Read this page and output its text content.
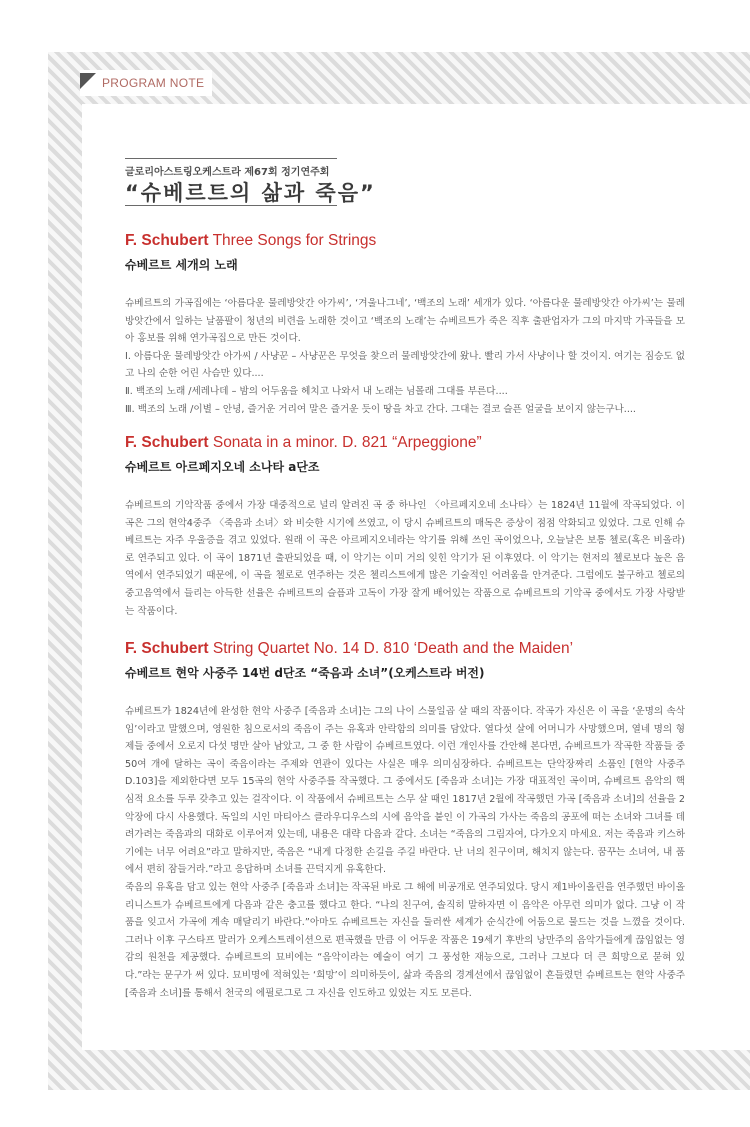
PROGRAM NOTE
글로리아스트링오케스트라 제67회 정기연주회
“슈베르트의 삶과 죽음”
F. Schubert Three Songs for Strings
슈베르트 세개의 노래

슈베르트의 가곡집에는 ‘아름다운 물레방앗간 아가씨’, ‘겨울나그네’, ‘백조의 노래’ 세개가 있다. ‘아름다운 물레방앗간 아가씨’는 물레방앗간에서 일하는 날품팔이 청년의 비련을 노래한 것이고 ‘백조의 노래’는 슈베르트가 죽은 직후 출판업자가 그의 마지막 가곡들을 모아 홍보를 위해 연가곡집으로 만든 것이다.

Ⅰ. 아름다운 물레방앗간 아가씨 / 사냥꾼 – 사냥꾼은 무엇을 찾으러 물레방앗간에 왔나. 빨리 가서 사냥이나 할 것이지. 여기는 짐승도 없고 나의 순한 어린 사슴만 있다....

Ⅱ. 백조의 노래 /세레나데 – 밤의 어두움을 헤치고 나와서 내 노래는 님몰래 그대를 부른다....
Ⅲ. 백조의 노래 /이별 – 안녕, 즐거운 거리여 말은 즐거운 듯이 땅을 차고 간다. 그대는 결코 슬픈 얼굴을 보이지 않는구나....
F. Schubert Sonata in a minor. D. 821 “Arpeggione”
슈베르트 아르페지오네 소나타 a단조

슈베르트의 기악작품 중에서 가장 대중적으로 널리 알려진 곡 중 하나인 〈아르페지오네 소나타〉는 1824년 11월에 작곡되었다. 이 곡은 그의 현악4중주 〈죽음과 소녀〉와 비슷한 시기에 쓰였고, 이 당시 슈베르트의 매독은 증상이 점점 악화되고 있었다. 그로 인해 슈베르트는 자주 우울증을 겪고 있었다. 원래 이 곡은 아르페지오네라는 악기를 위해 쓰인 곡이었으나, 오늘날은 보통 첼로(혹은 비올라)로 연주되고 있다. 이 곡이 1871년 출판되었을 때, 이 악기는 이미 거의 잊힌 악기가 된 이후였다. 이 악기는 현저의 첼로보다 높은 음역에서 연주되었기 때문에, 이 곡을 첼로로 연주하는 것은 첼리스트에게 많은 기술적인 어려움을 안겨준다. 그럼에도 불구하고 첼로의 중고음역에서 들리는 아득한 선율은 슈베르트의 슬픔과 고독이 가장 잘게 배어있는 작품으로 슈베르트의 기악곡 중에서도 가장 사랑받는 작품이다.

F. Schubert String Quartet No. 14 D. 810 ‘Death and the Maiden’
슈베르트 현악 사중주 14번 d단조 “죽음과 소녀”(오케스트라 버전)

슈베르트가 1824년에 완성한 현악 사중주 [죽음과 소녀]는 그의 나이 스물일곱 살 때의 작품이다. 작곡가 자신은 이 곡을 ‘운명의 속삭임’이라고 말했으며, 영원한 침으로서의 죽음이 주는 유혹과 안락함의 의미를 담았다. 열다섯 살에 어머니가 사망했으며, 열네 명의 형제들 중에서 오로지 다섯 명만 살아 남았고, 그 중 한 사람이 슈베르트였다. 이런 개인사를 간안해 본다면, 슈베르트가 작곡한 작품들 중 50여 개에 달하는 곡이 죽음이라는 주제와 연관이 있다는 사실은 매우 의미심장하다. 슈베르트는 단악장짜리 소품인 [현악 사중주 D.103]을 제외한다면 모두 15곡의 현악 사중주를 작곡했다. 그 중에서도 [죽음과 소녀]는 가장 대표적인 곡이며, 슈베르트 음악의 핵심적 요소를 두루 갖추고 있는 걸작이다. 이 작품에서 슈베르트는 스무 살 때인 1817년 2월에 작곡했던 가곡 [죽음과 소녀]의 선율을 2악장에 다시 사용했다. 독일의 시인 마티아스 클라우디우스의 시에 음악을 붙인 이 가곡의 가사는 죽음의 공포에 떠는 소녀와 그녀를 데려가려는 죽음과의 대화로 이루어져 있는데, 내용은 대략 다음과 같다. 소녀는 “죽음의 그림자여, 다가오지 마세요. 저는 죽음과 키스하기에는 너무 어려요”라고 말하지만, 죽음은 “내게 다정한 손길을 주길 바란다. 난 너의 친구이며, 해치지 않는다. 꿈꾸는 소녀여, 내 품에서 편히 잠들거라.”라고 응답하며 소녀를 끈덕지게 유혹한다.

죽음의 유혹을 담고 있는 현악 사중주 [죽음과 소녀]는 작곡된 바로 그 해에 비공개로 연주되었다. 당시 제1바이올린을 연주했던 바이올리니스트가 슈베르트에게 다음과 같은 충고를 했다고 한다. “나의 친구여, 솔직히 말하자면 이 음악은 아무런 의미가 없다. 그냥 이 작품을 잊고서 가곡에 계속 매달리기 바란다.”아마도 슈베르트는 자신을 둘러싼 세계가 순식간에 어둠으로 물드는 것을 느꼈을 것이다. 그러나 이후 구스타프 말러가 오케스트레이션으로 편곡했을 만큼 이 어두운 작품은 19세기 후반의 낭만주의 음악가들에게 끊임없는 영감의 원천을 제공했다. 슈베르트의 묘비에는 “음악이라는 예술이 여기 그 풍성한 재능으로, 그러나 그보다 더 큰 희망으로 묻혀 있다.”라는 문구가 써 있다. 묘비명에 적혀있는 ‘희망’이 의미하듯이, 삶과 죽음의 경계선에서 끊임없이 흔들렸던 슈베르트는 현악 사중주 [죽음과 소녀]를 통해서 천국의 에필로그로 그 자신을 인도하고 있었는 지도 모른다.
